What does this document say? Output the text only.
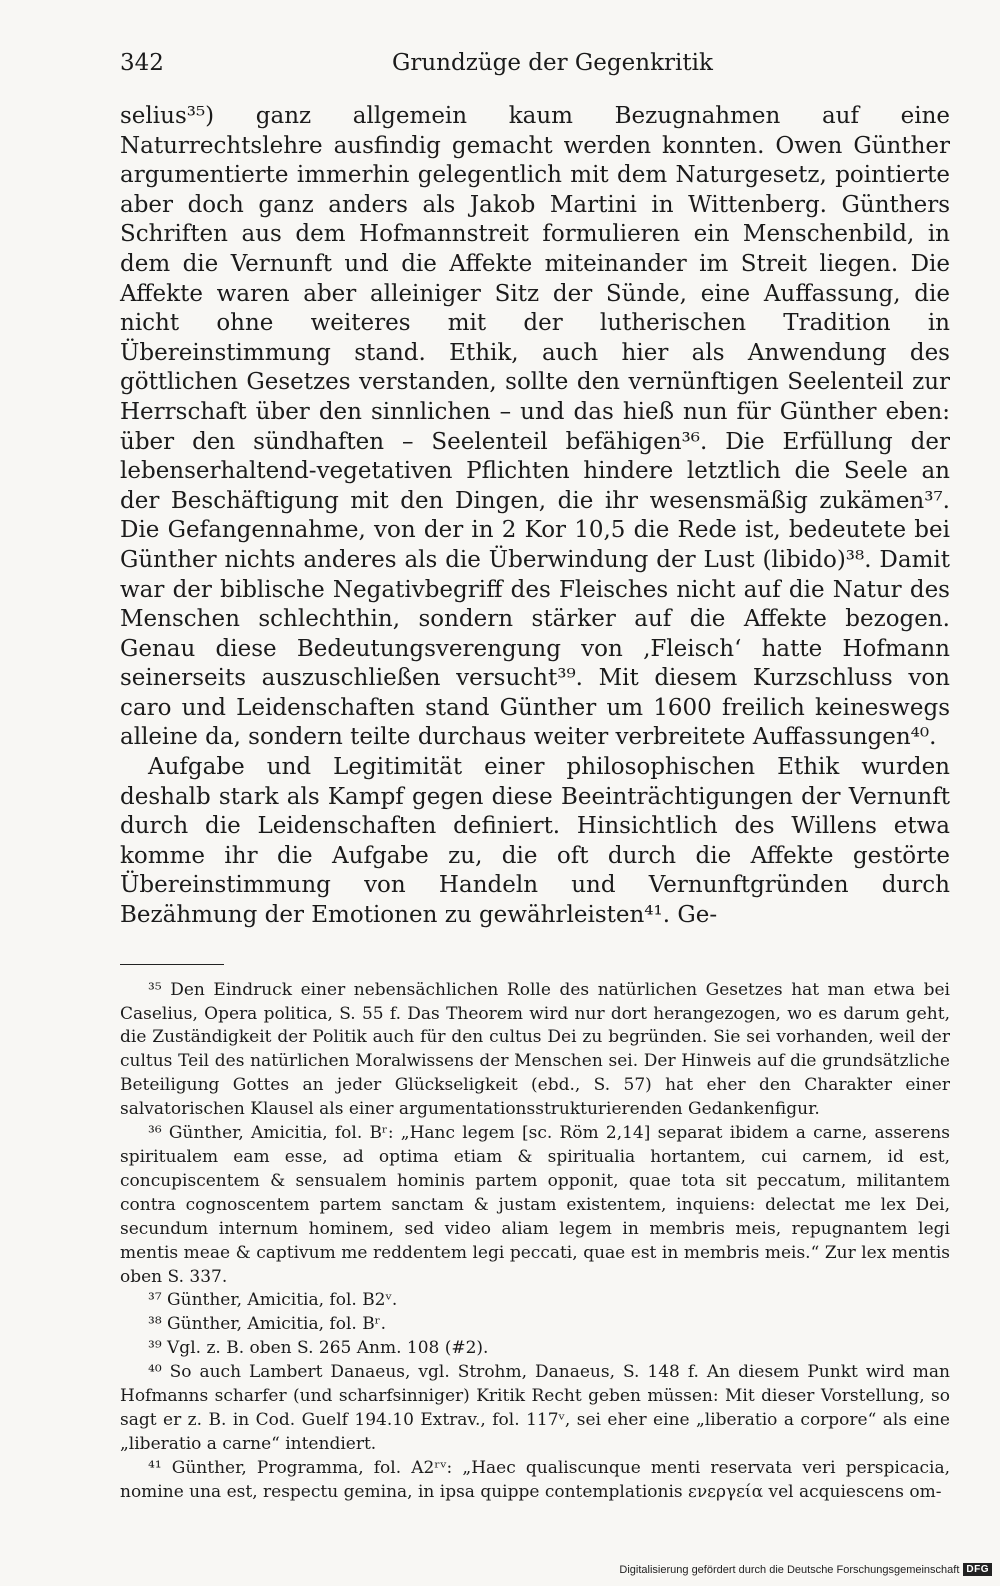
342	Grundzüge der Gegenkritik

selius³⁵) ganz allgemein kaum Bezugnahmen auf eine Naturrechtslehre ausfindig gemacht werden konnten. Owen Günther argumentierte immerhin gelegentlich mit dem Naturgesetz, pointierte aber doch ganz anders als Jakob Martini in Wittenberg. Günthers Schriften aus dem Hofmannstreit formulieren ein Menschenbild, in dem die Vernunft und die Affekte miteinander im Streit liegen. Die Affekte waren aber alleiniger Sitz der Sünde, eine Auffassung, die nicht ohne weiteres mit der lutherischen Tradition in Übereinstimmung stand. Ethik, auch hier als Anwendung des göttlichen Gesetzes verstanden, sollte den vernünftigen Seelenteil zur Herrschaft über den sinnlichen – und das hieß nun für Günther eben: über den sündhaften – Seelenteil befähigen³⁶. Die Erfüllung der lebenserhaltend-vegetativen Pflichten hindere letztlich die Seele an der Beschäftigung mit den Dingen, die ihr wesensmäßig zukämen³⁷. Die Gefangennahme, von der in 2 Kor 10,5 die Rede ist, bedeutete bei Günther nichts anderes als die Überwindung der Lust (libido)³⁸. Damit war der biblische Negativbegriff des Fleisches nicht auf die Natur des Menschen schlechthin, sondern stärker auf die Affekte bezogen. Genau diese Bedeutungsverengung von ‚Fleisch‘ hatte Hofmann seinerseits auszuschließen versucht³⁹. Mit diesem Kurzschluss von caro und Leidenschaften stand Günther um 1600 freilich keineswegs alleine da, sondern teilte durchaus weiter verbreitete Auffassungen⁴⁰.

Aufgabe und Legitimität einer philosophischen Ethik wurden deshalb stark als Kampf gegen diese Beeinträchtigungen der Vernunft durch die Leidenschaften definiert. Hinsichtlich des Willens etwa komme ihr die Aufgabe zu, die oft durch die Affekte gestörte Übereinstimmung von Handeln und Vernunftgründen durch Bezähmung der Emotionen zu gewährleisten⁴¹. Ge-

³⁵ Den Eindruck einer nebensächlichen Rolle des natürlichen Gesetzes hat man etwa bei Caselius, Opera politica, S. 55 f. Das Theorem wird nur dort herangezogen, wo es darum geht, die Zuständigkeit der Politik auch für den cultus Dei zu begründen. Sie sei vorhanden, weil der cultus Teil des natürlichen Moralwissens der Menschen sei. Der Hinweis auf die grundsätzliche Beteiligung Gottes an jeder Glückseligkeit (ebd., S. 57) hat eher den Charakter einer salvatorischen Klausel als einer argumentationsstrukturierenden Gedankenfigur.

³⁶ Günther, Amicitia, fol. Bʳ: „Hanc legem [sc. Röm 2,14] separat ibidem a carne, asserens spiritualem eam esse, ad optima etiam & spiritualia hortantem, cui carnem, id est, concupiscentem & sensualem hominis partem opponit, quae tota sit peccatum, militantem contra cognoscentem partem sanctam & justam existentem, inquiens: delectat me lex Dei, secundum internum hominem, sed video aliam legem in membris meis, repugnantem legi mentis meae & captivum me reddentem legi peccati, quae est in membris meis.“ Zur lex mentis oben S. 337.

³⁷ Günther, Amicitia, fol. B2ᵛ.

³⁸ Günther, Amicitia, fol. Bʳ.

³⁹ Vgl. z. B. oben S. 265 Anm. 108 (#2).

⁴⁰ So auch Lambert Danaeus, vgl. Strohm, Danaeus, S. 148 f. An diesem Punkt wird man Hofmanns scharfer (und scharfsinniger) Kritik Recht geben müssen: Mit dieser Vorstellung, so sagt er z. B. in Cod. Guelf 194.10 Extrav., fol. 117ᵛ, sei eher eine „liberatio a corpore“ als eine „liberatio a carne“ intendiert.

⁴¹ Günther, Programma, fol. A2ʳᵛ: „Haec qualiscunque menti reservata veri perspicacia, nomine una est, respectu gemina, in ipsa quippe contemplationis ενεργεία vel acquiescens om-

Digitalisierung gefördert durch die Deutsche Forschungsgemeinschaft DFG
